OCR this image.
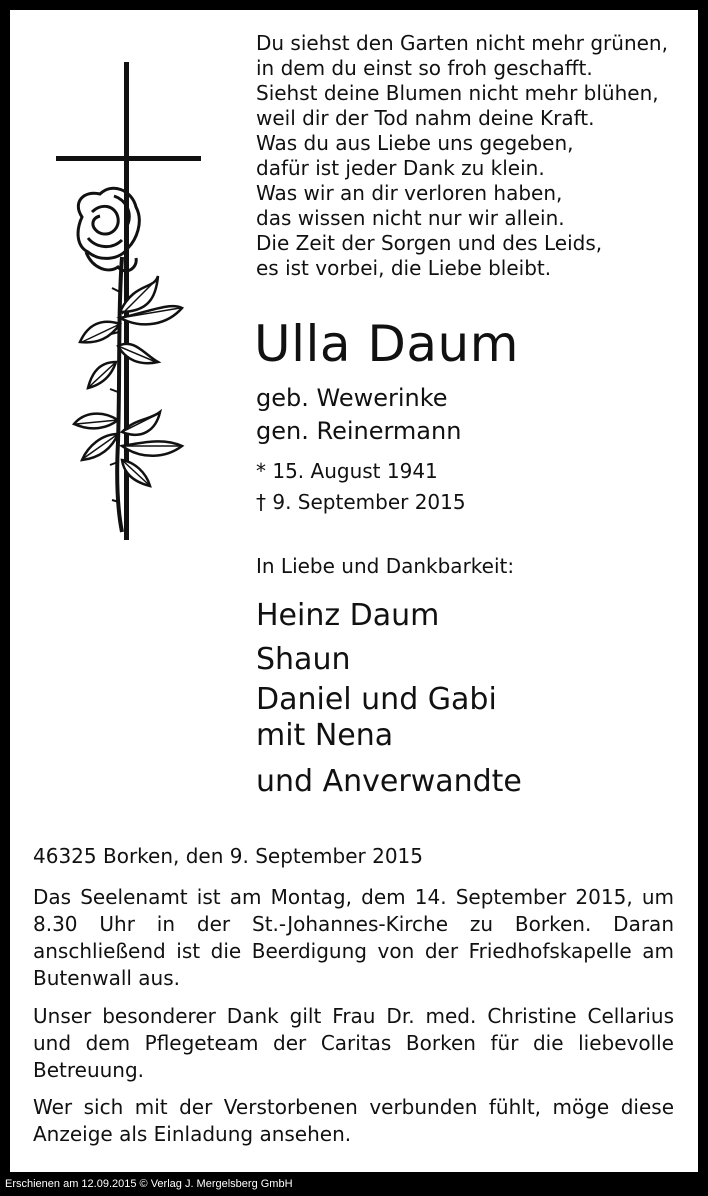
Du siehst den Garten nicht mehr grünen,
in dem du einst so froh geschafft.
Siehst deine Blumen nicht mehr blühen,
weil dir der Tod nahm deine Kraft.
Was du aus Liebe uns gegeben,
dafür ist jeder Dank zu klein.
Was wir an dir verloren haben,
das wissen nicht nur wir allein.
Die Zeit der Sorgen und des Leids,
es ist vorbei, die Liebe bleibt.
Ulla Daum
geb. Wewerinke
gen. Reinermann
* 15. August 1941
† 9. September 2015
In Liebe und Dankbarkeit:
Heinz Daum
Shaun
Daniel und Gabi
mit Nena
und Anverwandte
46325 Borken, den 9. September 2015
Das Seelenamt ist am Montag, dem 14. September 2015, um 8.30 Uhr in der St.-Johannes-Kirche zu Borken. Daran anschließend ist die Beerdigung von der Friedhofskapelle am Butenwall aus.
Unser besonderer Dank gilt Frau Dr. med. Christine Cellarius und dem Pflegeteam der Caritas Borken für die liebevolle Betreuung.
Wer sich mit der Verstorbenen verbunden fühlt, möge diese Anzeige als Einladung ansehen.
Erschienen am 12.09.2015 © Verlag J. Mergelsberg GmbH
